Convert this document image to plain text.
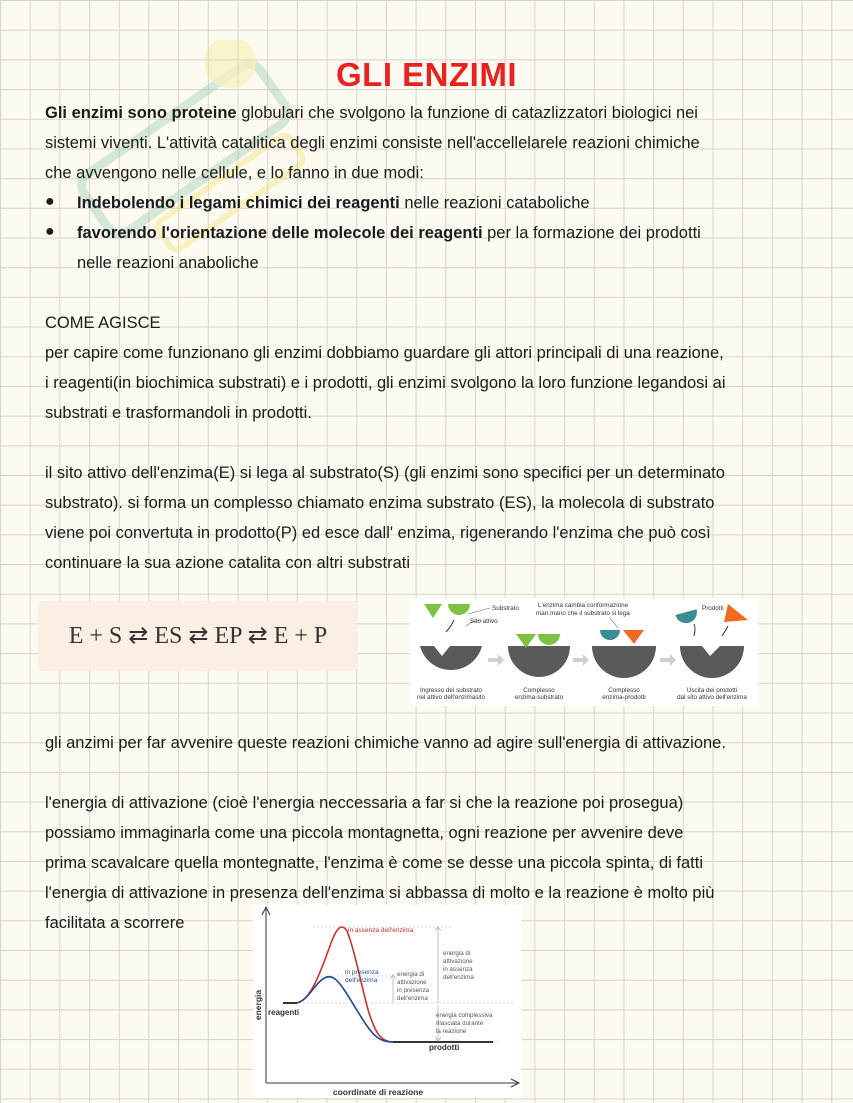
GLI ENZIMI
Gli enzimi sono proteine globulari che svolgono la funzione di catazlizzatori biologici nei
sistemi viventi. L'attività catalitica degli enzimi consiste nell'accellelarele reazioni chimiche
che avvengono nelle cellule, e lo fanno in due modi:
● Indebolendo i legami chimici dei reagenti nelle reazioni cataboliche
● favorendo l'orientazione delle molecole dei reagenti per la formazione dei prodotti
nelle reazioni anaboliche
COME AGISCE
per capire come funzionano gli enzimi dobbiamo guardare gli attori principali di una reazione,
i reagenti(in biochimica substrati) e i prodotti, gli enzimi svolgono la loro funzione legandosi ai
substrati e trasformandoli in prodotti.
il sito attivo dell'enzima(E) si lega al substrato(S) (gli enzimi sono specifici per un determinato
substrato). si forma un complesso chiamato enzima substrato (ES), la molecola di substrato
viene poi convertuta in prodotto(P) ed esce dall' enzima, rigenerando l'enzima che può così
continuare la sua azione catalita con altri substrati
E + S ⇄ ES ⇄ EP ⇄ E + P
Substrato
Sito attivo
L'enzima cambia conformazione
man mano che il substrato si lega
Prodotti
Ingresso del substrato
nel attivo dell'enzimasito
Complesso
enzima-substrato
Complesso
enzima-prodotti
Uscita dei prodotti
dal sito attivo dell'enzima
gli anzimi per far avvenire queste reazioni chimiche vanno ad agire sull'energia di attivazione.
l'energia di attivazione (cioè l'energia neccessaria a far si che la reazione poi prosegua)
possiamo immaginarla come una piccola montagnetta, ogni reazione per avvenire deve
prima scavalcare quella montegnatte, l'enzima è come se desse una piccola spinta, di fatti
l'energia di attivazione in presenza dell'enzima si abbassa di molto e la reazione è molto più
facilitata a scorrere
energia
coordinate di reazione
in assenza dell'enzima
in presenza
dell'enzima
reagenti
prodotti
energia di
attivazione
in presenza
dell'enzima
energia di
attivazione
in assenza
dell'enzima
energia complessiva
rilasciata durante
la reazione
